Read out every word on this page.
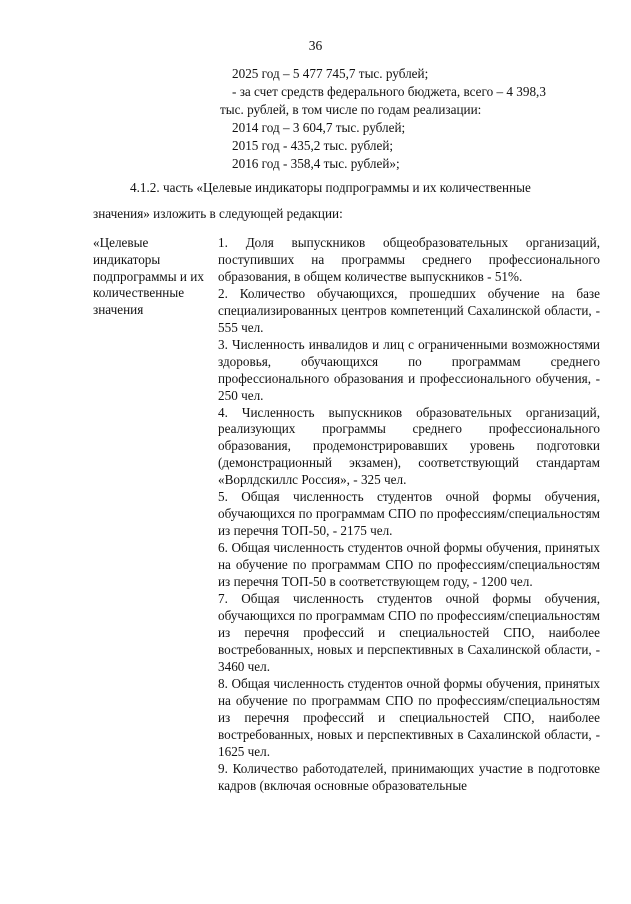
36
2025 год – 5 477 745,7 тыс. рублей;
- за счет средств федерального бюджета, всего – 4 398,3
тыс. рублей, в том числе по годам реализации:
2014 год – 3 604,7 тыс. рублей;
2015 год - 435,2 тыс. рублей;
2016 год - 358,4 тыс. рублей»;
4.1.2. часть «Целевые индикаторы подпрограммы и их количественные
значения» изложить в следующей редакции:
«Целевые индикаторы подпрограммы и их количественные значения

1. Доля выпускников общеобразовательных организаций, поступивших на программы среднего профессионального образования, в общем количестве выпускников - 51%.

2. Количество обучающихся, прошедших обучение на базе специализированных центров компетенций Сахалинской области, - 555 чел.

3. Численность инвалидов и лиц с ограниченными возможностями здоровья, обучающихся по программам среднего профессионального образования и профессионального обучения, - 250 чел.

4. Численность выпускников образовательных организаций, реализующих программы среднего профессионального образования, продемонстрировавших уровень подготовки (демонстрационный экзамен), соответствующий стандартам «Ворлдскиллс Россия», - 325 чел.

5. Общая численность студентов очной формы обучения, обучающихся по программам СПО по профессиям/специальностям из перечня ТОП-50, - 2175 чел.

6. Общая численность студентов очной формы обучения, принятых на обучение по программам СПО по профессиям/специальностям из перечня ТОП-50 в соответствующем году, - 1200 чел.

7. Общая численность студентов очной формы обучения, обучающихся по программам СПО по профессиям/специальностям из перечня профессий и специальностей СПО, наиболее востребованных, новых и перспективных в Сахалинской области, - 3460 чел.

8. Общая численность студентов очной формы обучения, принятых на обучение по программам СПО по профессиям/специальностям из перечня профессий и специальностей СПО, наиболее востребованных, новых и перспективных в Сахалинской области, - 1625 чел.

9. Количество работодателей, принимающих участие в подготовке кадров (включая основные образовательные
